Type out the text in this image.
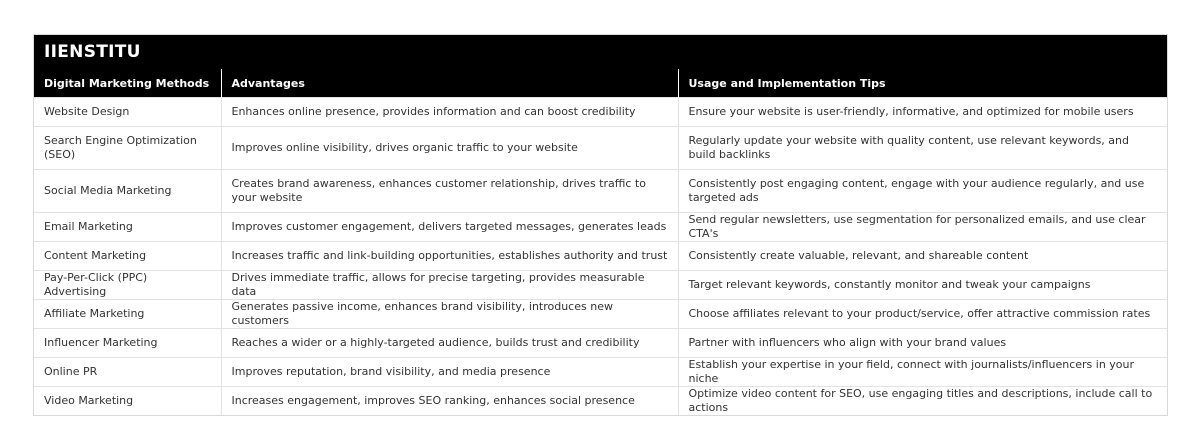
IIENSTITU
Digital Marketing Methods	Advantages	Usage and Implementation Tips
Website Design	Enhances online presence, provides information and can boost credibility	Ensure your website is user-friendly, informative, and optimized for mobile users
Search Engine Optimization (SEO)	Improves online visibility, drives organic traffic to your website	Regularly update your website with quality content, use relevant keywords, and build backlinks
Social Media Marketing	Creates brand awareness, enhances customer relationship, drives traffic to your website	Consistently post engaging content, engage with your audience regularly, and use targeted ads
Email Marketing	Improves customer engagement, delivers targeted messages, generates leads	Send regular newsletters, use segmentation for personalized emails, and use clear CTA's
Content Marketing	Increases traffic and link-building opportunities, establishes authority and trust	Consistently create valuable, relevant, and shareable content
Pay-Per-Click (PPC) Advertising	Drives immediate traffic, allows for precise targeting, provides measurable data	Target relevant keywords, constantly monitor and tweak your campaigns
Affiliate Marketing	Generates passive income, enhances brand visibility, introduces new customers	Choose affiliates relevant to your product/service, offer attractive commission rates
Influencer Marketing	Reaches a wider or a highly-targeted audience, builds trust and credibility	Partner with influencers who align with your brand values
Online PR	Improves reputation, brand visibility, and media presence	Establish your expertise in your field, connect with journalists/influencers in your niche
Video Marketing	Increases engagement, improves SEO ranking, enhances social presence	Optimize video content for SEO, use engaging titles and descriptions, include call to actions
